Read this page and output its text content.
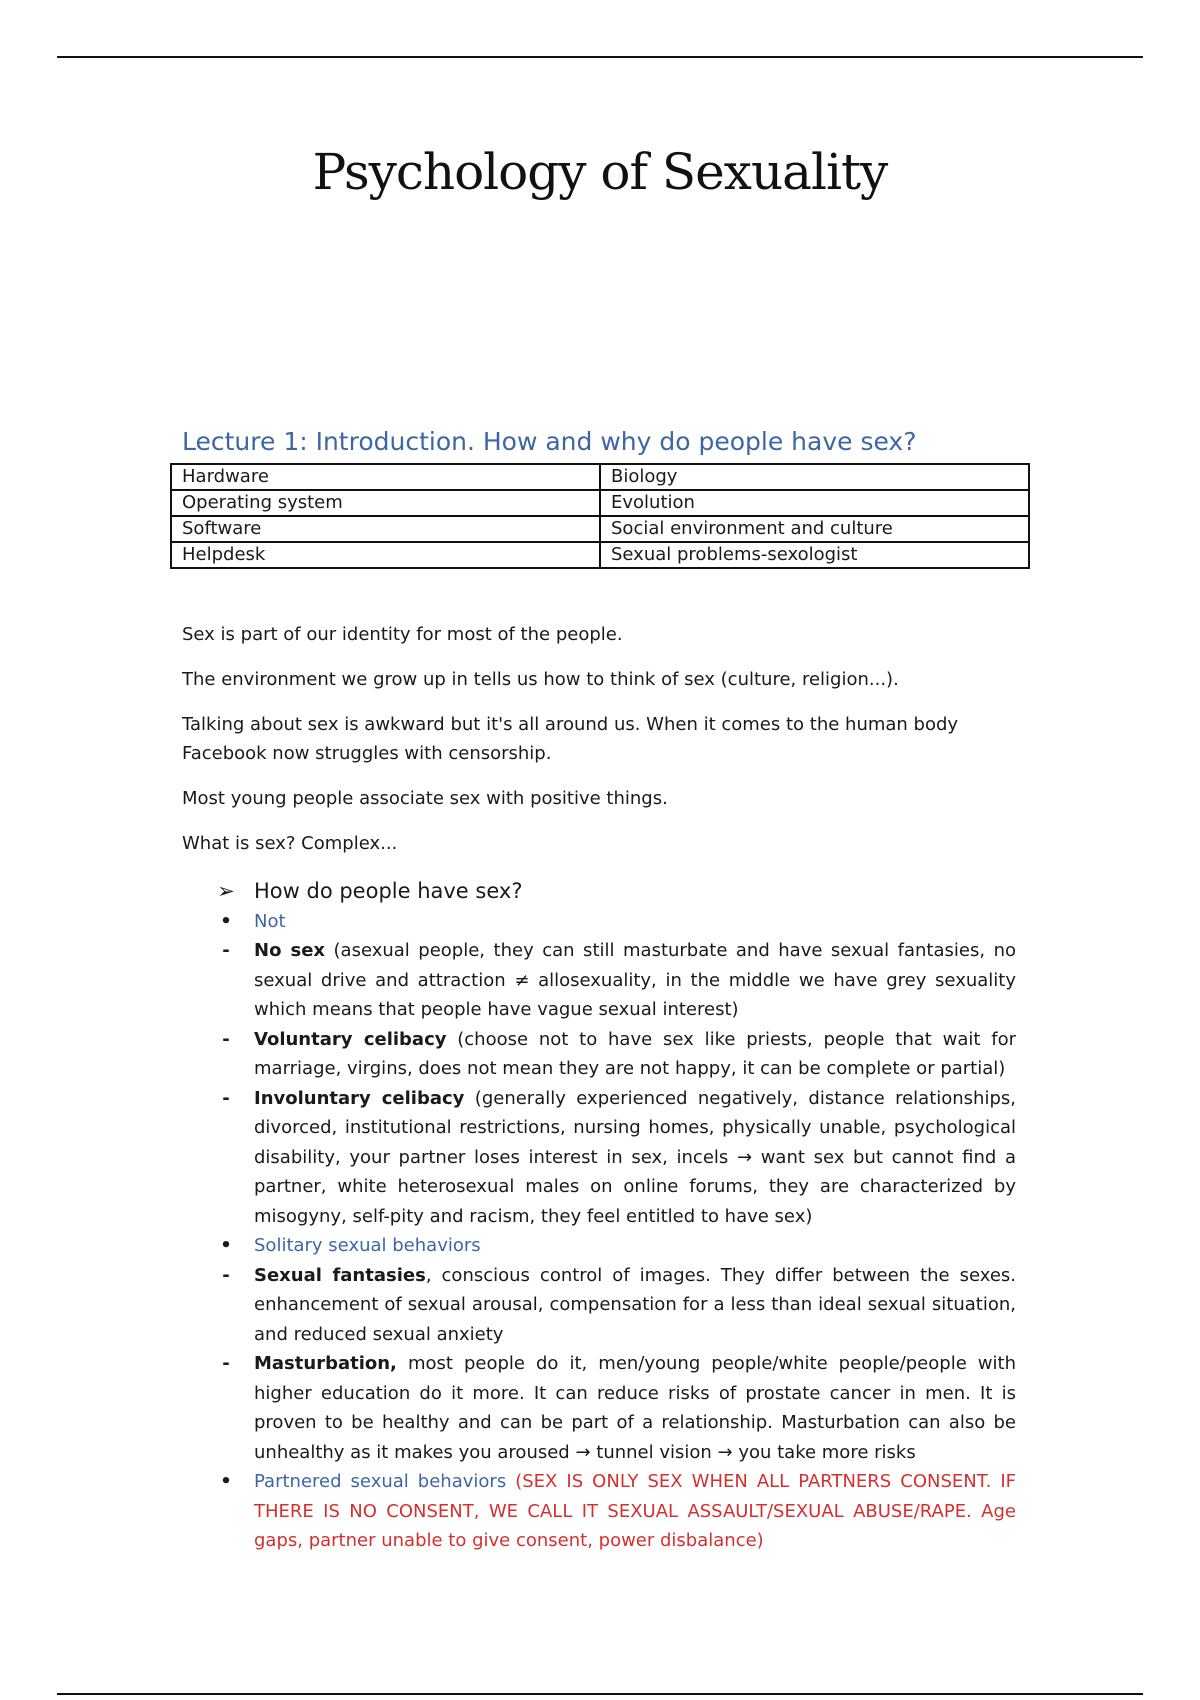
Psychology of Sexuality
Lecture 1: Introduction. How and why do people have sex?
Hardware	Biology
Operating system	Evolution
Software	Social environment and culture
Helpdesk	Sexual problems-sexologist

Sex is part of our identity for most of the people.

The environment we grow up in tells us how to think of sex (culture, religion...).

Talking about sex is awkward but it's all around us. When it comes to the human body Facebook now struggles with censorship.

Most young people associate sex with positive things.

What is sex? Complex...

➢ How do people have sex?
• Not
-	No sex (asexual people, they can still masturbate and have sexual fantasies, no sexual drive and attraction ≠ allosexuality, in the middle we have grey sexuality which means that people have vague sexual interest)
-	Voluntary celibacy (choose not to have sex like priests, people that wait for marriage, virgins, does not mean they are not happy, it can be complete or partial)
-	Involuntary celibacy (generally experienced negatively, distance relationships, divorced, institutional restrictions, nursing homes, physically unable, psychological disability, your partner loses interest in sex, incels → want sex but cannot find a partner, white heterosexual males on online forums, they are characterized by misogyny, self-pity and racism, they feel entitled to have sex)
• Solitary sexual behaviors
-	Sexual fantasies, conscious control of images. They differ between the sexes. enhancement of sexual arousal, compensation for a less than ideal sexual situation, and reduced sexual anxiety
-	Masturbation, most people do it, men/young people/white people/people with higher education do it more. It can reduce risks of prostate cancer in men. It is proven to be healthy and can be part of a relationship. Masturbation can also be unhealthy as it makes you aroused → tunnel vision → you take more risks
• Partnered sexual behaviors (SEX IS ONLY SEX WHEN ALL PARTNERS CONSENT. IF THERE IS NO CONSENT, WE CALL IT SEXUAL ASSAULT/SEXUAL ABUSE/RAPE. Age gaps, partner unable to give consent, power disbalance)
